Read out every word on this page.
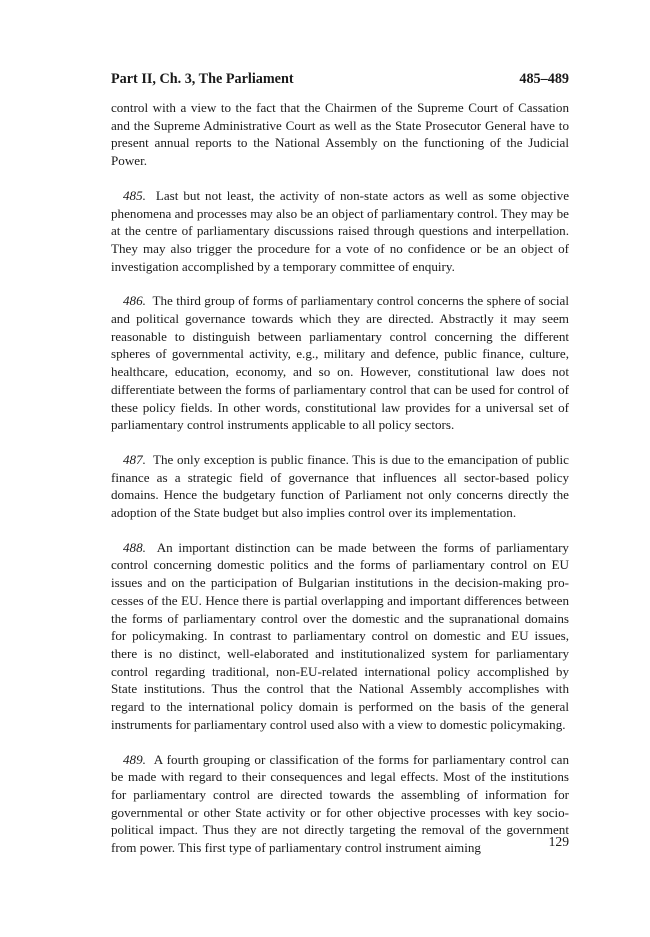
Part II, Ch. 3, The Parliament	485–489

control with a view to the fact that the Chairmen of the Supreme Court of Cassation and the Supreme Administrative Court as well as the State Prosecutor General have to present annual reports to the National Assembly on the functioning of the Judicial Power.

485. Last but not least, the activity of non-state actors as well as some objective phenomena and processes may also be an object of parliamentary control. They may be at the centre of parliamentary discussions raised through questions and interpellation. They may also trigger the procedure for a vote of no confidence or be an object of investigation accomplished by a temporary committee of enquiry.

486. The third group of forms of parliamentary control concerns the sphere of social and political governance towards which they are directed. Abstractly it may seem reasonable to distinguish between parliamentary control concerning the different spheres of governmental activity, e.g., military and defence, public finance, culture, healthcare, education, economy, and so on. However, constitutional law does not differentiate between the forms of parliamentary control that can be used for control of these policy fields. In other words, constitutional law provides for a universal set of parliamentary control instruments applicable to all policy sectors.

487. The only exception is public finance. This is due to the emancipation of public finance as a strategic field of governance that influences all sector-based policy domains. Hence the budgetary function of Parliament not only concerns directly the adoption of the State budget but also implies control over its implementation.

488. An important distinction can be made between the forms of parliamentary control concerning domestic politics and the forms of parliamentary control on EU issues and on the participation of Bulgarian institutions in the decision-making processes of the EU. Hence there is partial overlapping and important differences between the forms of parliamentary control over the domestic and the supranational domains for policymaking. In contrast to parliamentary control on domestic and EU issues, there is no distinct, well-elaborated and institutionalized system for parliamentary control regarding traditional, non-EU-related international policy accomplished by State institutions. Thus the control that the National Assembly accomplishes with regard to the international policy domain is performed on the basis of the general instruments for parliamentary control used also with a view to domestic policymaking.

489. A fourth grouping or classification of the forms for parliamentary control can be made with regard to their consequences and legal effects. Most of the institutions for parliamentary control are directed towards the assembling of information for governmental or other State activity or for other objective processes with key socio-political impact. Thus they are not directly targeting the removal of the government from power. This first type of parliamentary control instrument aiming	129
